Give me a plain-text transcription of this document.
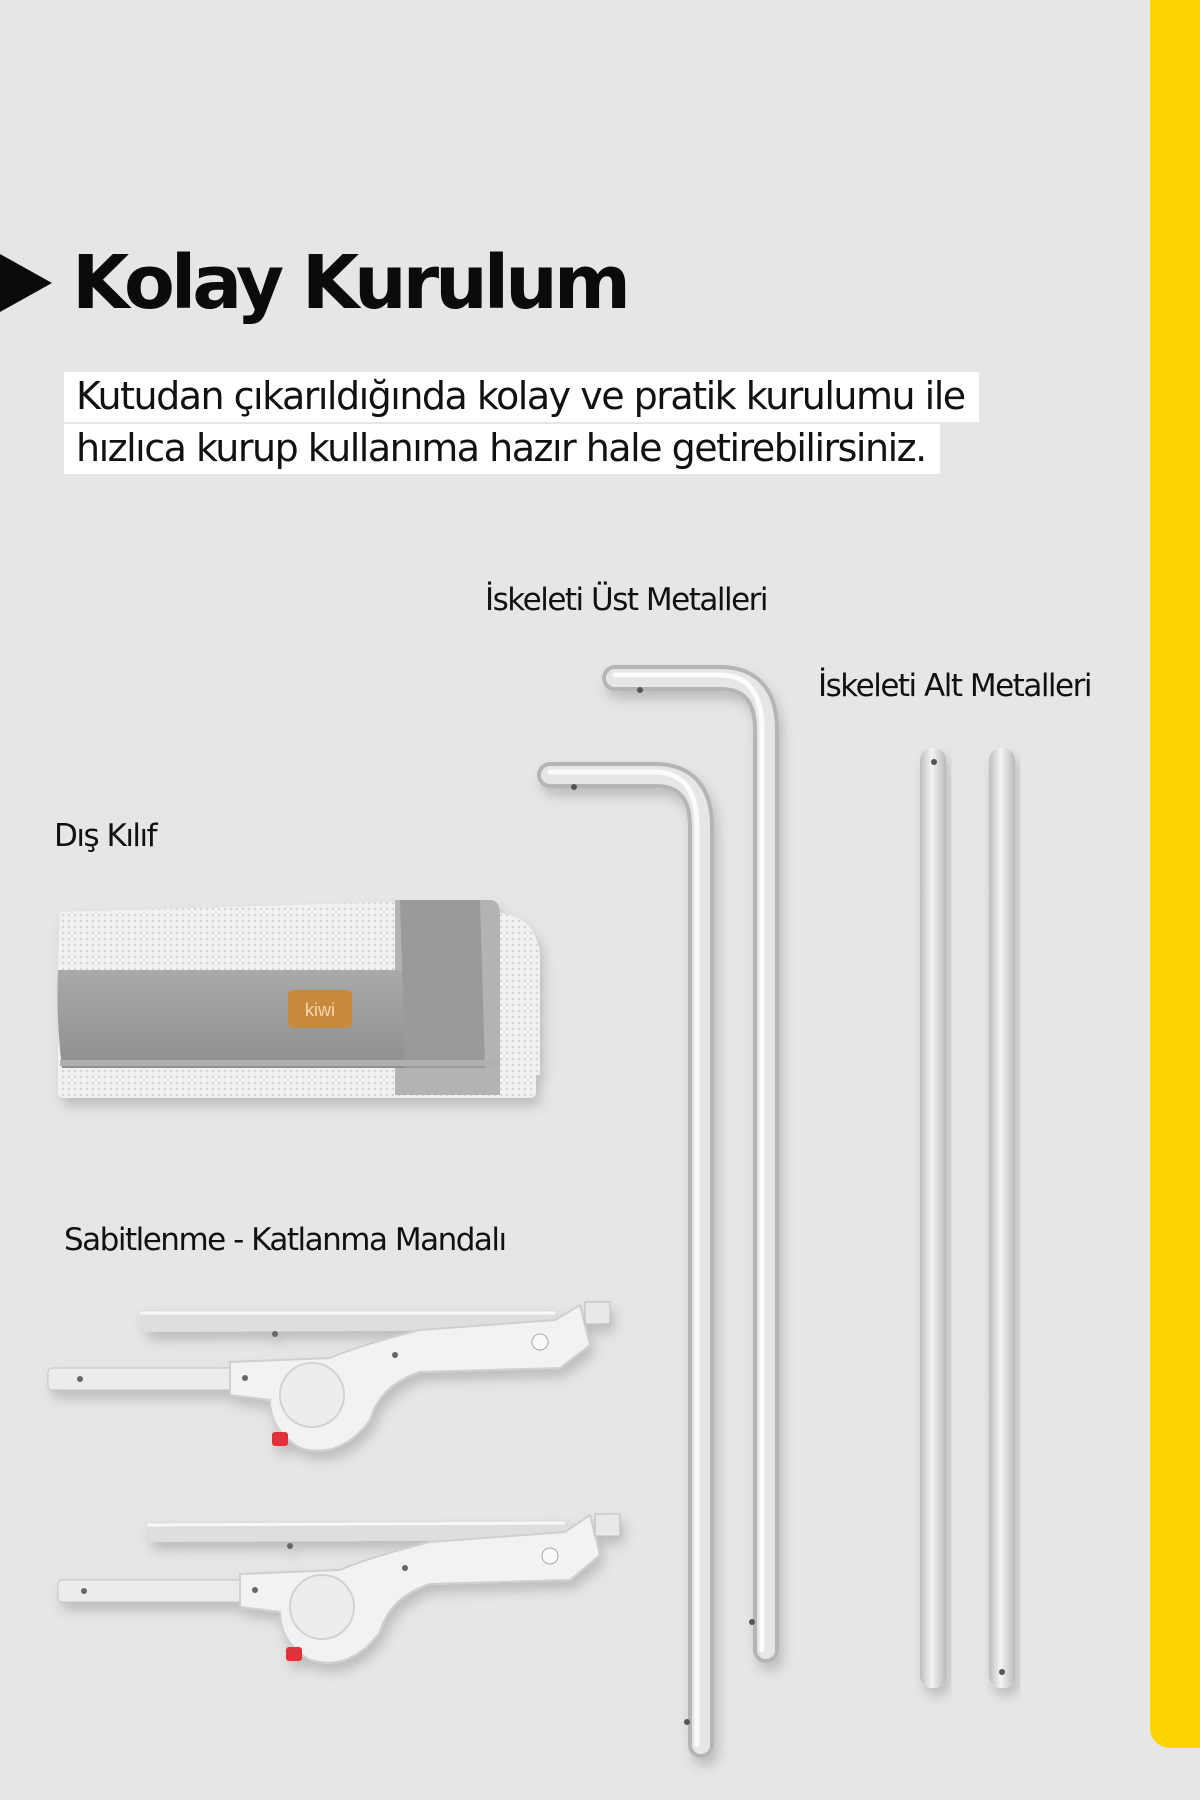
Kolay Kurulum
Kutudan çıkarıldığında kolay ve pratik kurulumu ile
hızlıca kurup kullanıma hazır hale getirebilirsiniz.
İskeleti Üst Metalleri
İskeleti Alt Metalleri
Dış Kılıf
Sabitlenme - Katlanma Mandalı
kiwi
